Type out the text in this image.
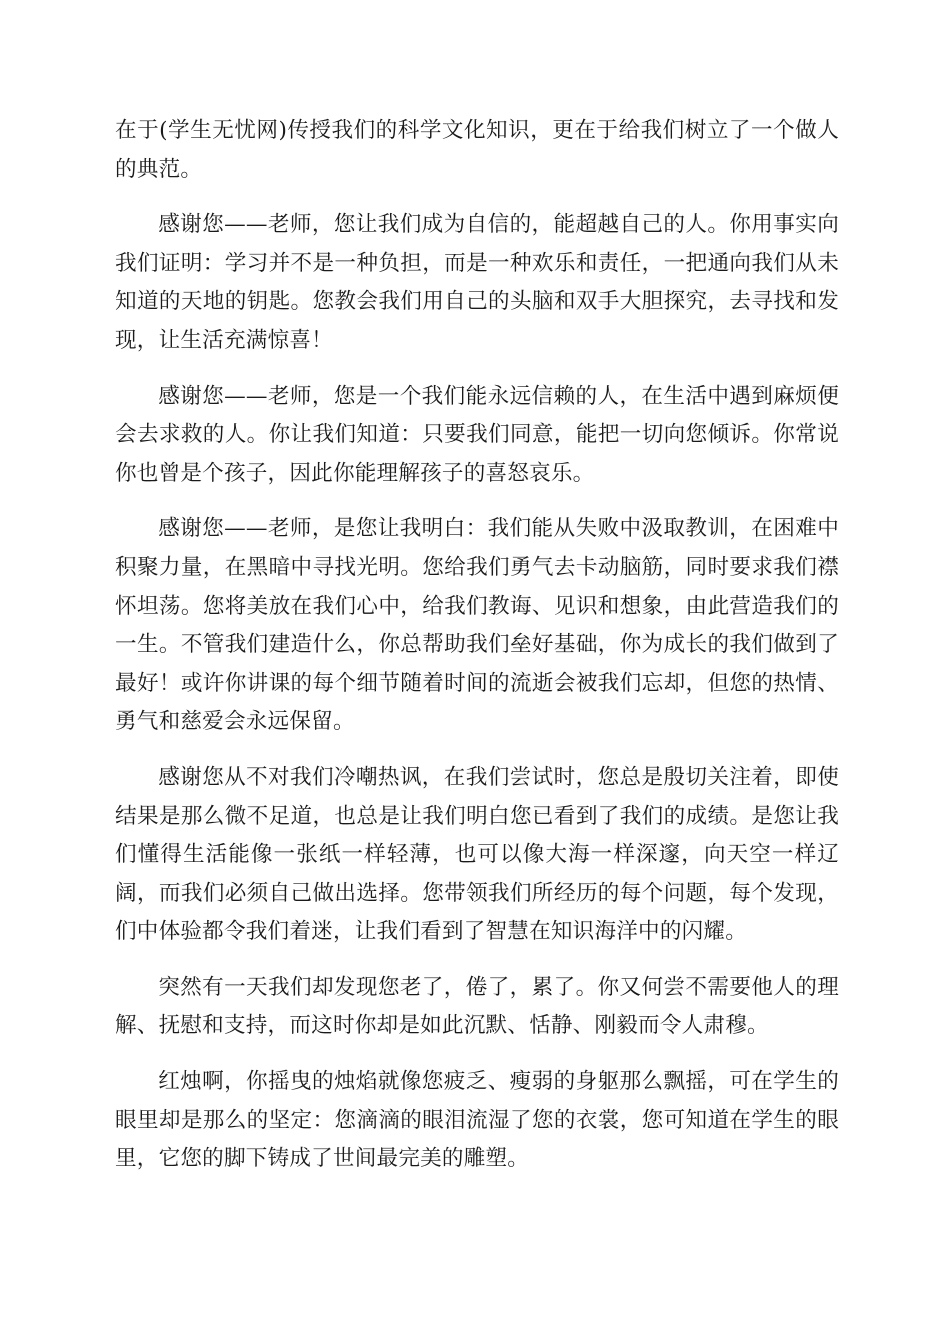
在于(学生无忧网)传授我们的科学文化知识，更在于给我们树立了一个做人的典范。

感谢您——老师，您让我们成为自信的，能超越自己的人。你用事实向我们证明：学习并不是一种负担，而是一种欢乐和责任，一把通向我们从未知道的天地的钥匙。您教会我们用自己的头脑和双手大胆探究，去寻找和发现，让生活充满惊喜！

感谢您——老师，您是一个我们能永远信赖的人，在生活中遇到麻烦便会去求救的人。你让我们知道：只要我们同意，能把一切向您倾诉。你常说你也曾是个孩子，因此你能理解孩子的喜怒哀乐。

感谢您——老师，是您让我明白：我们能从失败中汲取教训，在困难中积聚力量，在黑暗中寻找光明。您给我们勇气去卡动脑筋，同时要求我们襟怀坦荡。您将美放在我们心中，给我们教诲、见识和想象，由此营造我们的一生。不管我们建造什么，你总帮助我们垒好基础，你为成长的我们做到了最好！或许你讲课的每个细节随着时间的流逝会被我们忘却，但您的热情、勇气和慈爱会永远保留。

感谢您从不对我们冷嘲热讽，在我们尝试时，您总是殷切关注着，即使结果是那么微不足道，也总是让我们明白您已看到了我们的成绩。是您让我们懂得生活能像一张纸一样轻薄，也可以像大海一样深邃，向天空一样辽阔，而我们必须自己做出选择。您带领我们所经历的每个问题，每个发现，们中体验都令我们着迷，让我们看到了智慧在知识海洋中的闪耀。

突然有一天我们却发现您老了，倦了，累了。你又何尝不需要他人的理解、抚慰和支持，而这时你却是如此沉默、恬静、刚毅而令人肃穆。

红烛啊，你摇曳的烛焰就像您疲乏、瘦弱的身躯那么飘摇，可在学生的眼里却是那么的坚定：您滴滴的眼泪流湿了您的衣裳，您可知道在学生的眼里，它您的脚下铸成了世间最完美的雕塑。
